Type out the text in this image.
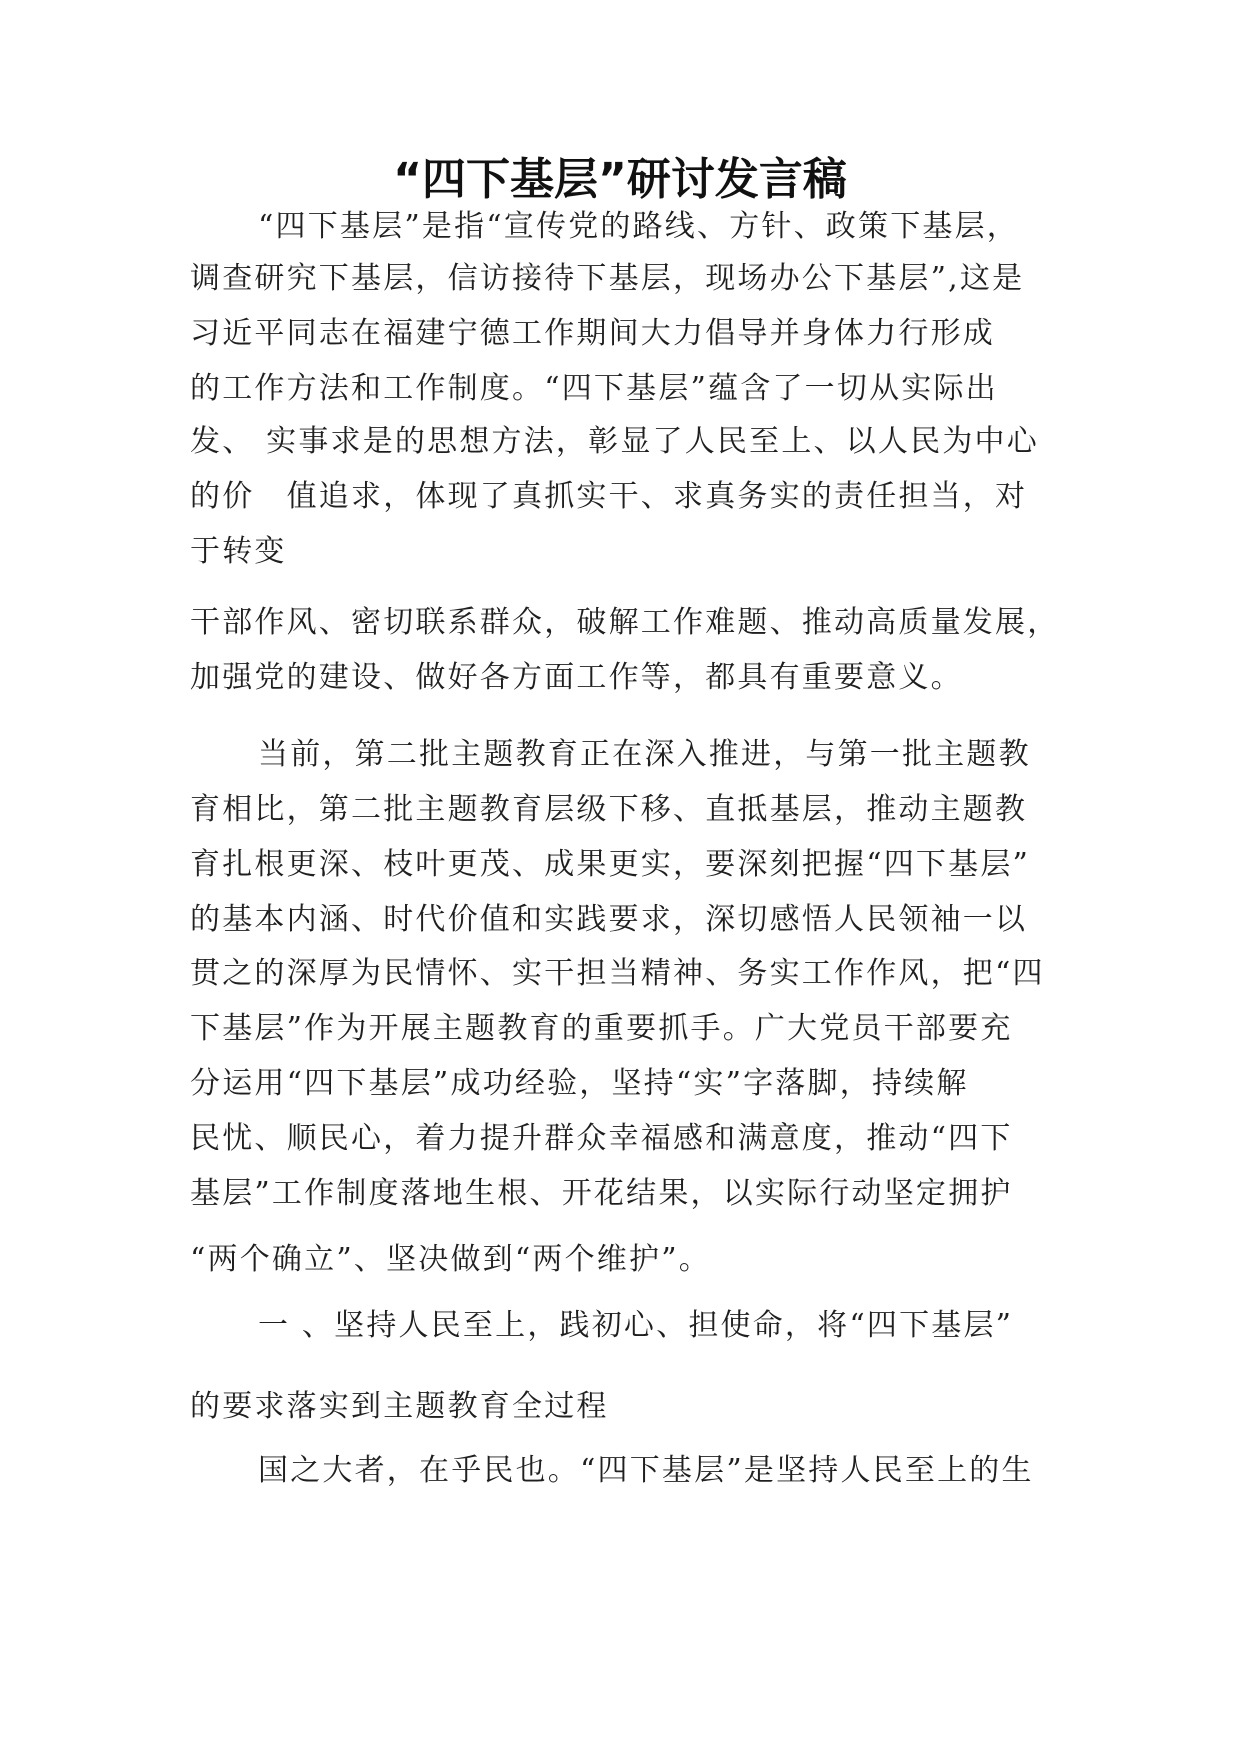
“四下基层”研讨发言稿

“四下基层”是指“宣传党的路线、方针、政策下基层，

调查研究下基层，信访接待下基层，现场办公下基层”,这是

习近平同志在福建宁德工作期间大力倡导并身体力行形成

的工作方法和工作制度。“四下基层”蕴含了一切从实际出

发、 实事求是的思想方法，彰显了人民至上、以人民为中心

的价　值追求，体现了真抓实干、求真务实的责任担当，对

于转变

干部作风、密切联系群众，破解工作难题、推动高质量发展，

加强党的建设、做好各方面工作等，都具有重要意义。

当前，第二批主题教育正在深入推进，与第一批主题教

育相比，第二批主题教育层级下移、直抵基层，推动主题教

育扎根更深、枝叶更茂、成果更实，要深刻把握“四下基层”

的基本内涵、时代价值和实践要求，深切感悟人民领袖一以

贯之的深厚为民情怀、实干担当精神、务实工作作风，把“四

下基层”作为开展主题教育的重要抓手。广大党员干部要充

分运用“四下基层”成功经验，坚持“实”字落脚，持续解

民忧、顺民心，着力提升群众幸福感和满意度，推动“四下

基层”工作制度落地生根、开花结果，以实际行动坚定拥护

“两个确立”、坚决做到“两个维护”。

一 、坚持人民至上，践初心、担使命，将“四下基层”

的要求落实到主题教育全过程

国之大者，在乎民也。“四下基层”是坚持人民至上的生
